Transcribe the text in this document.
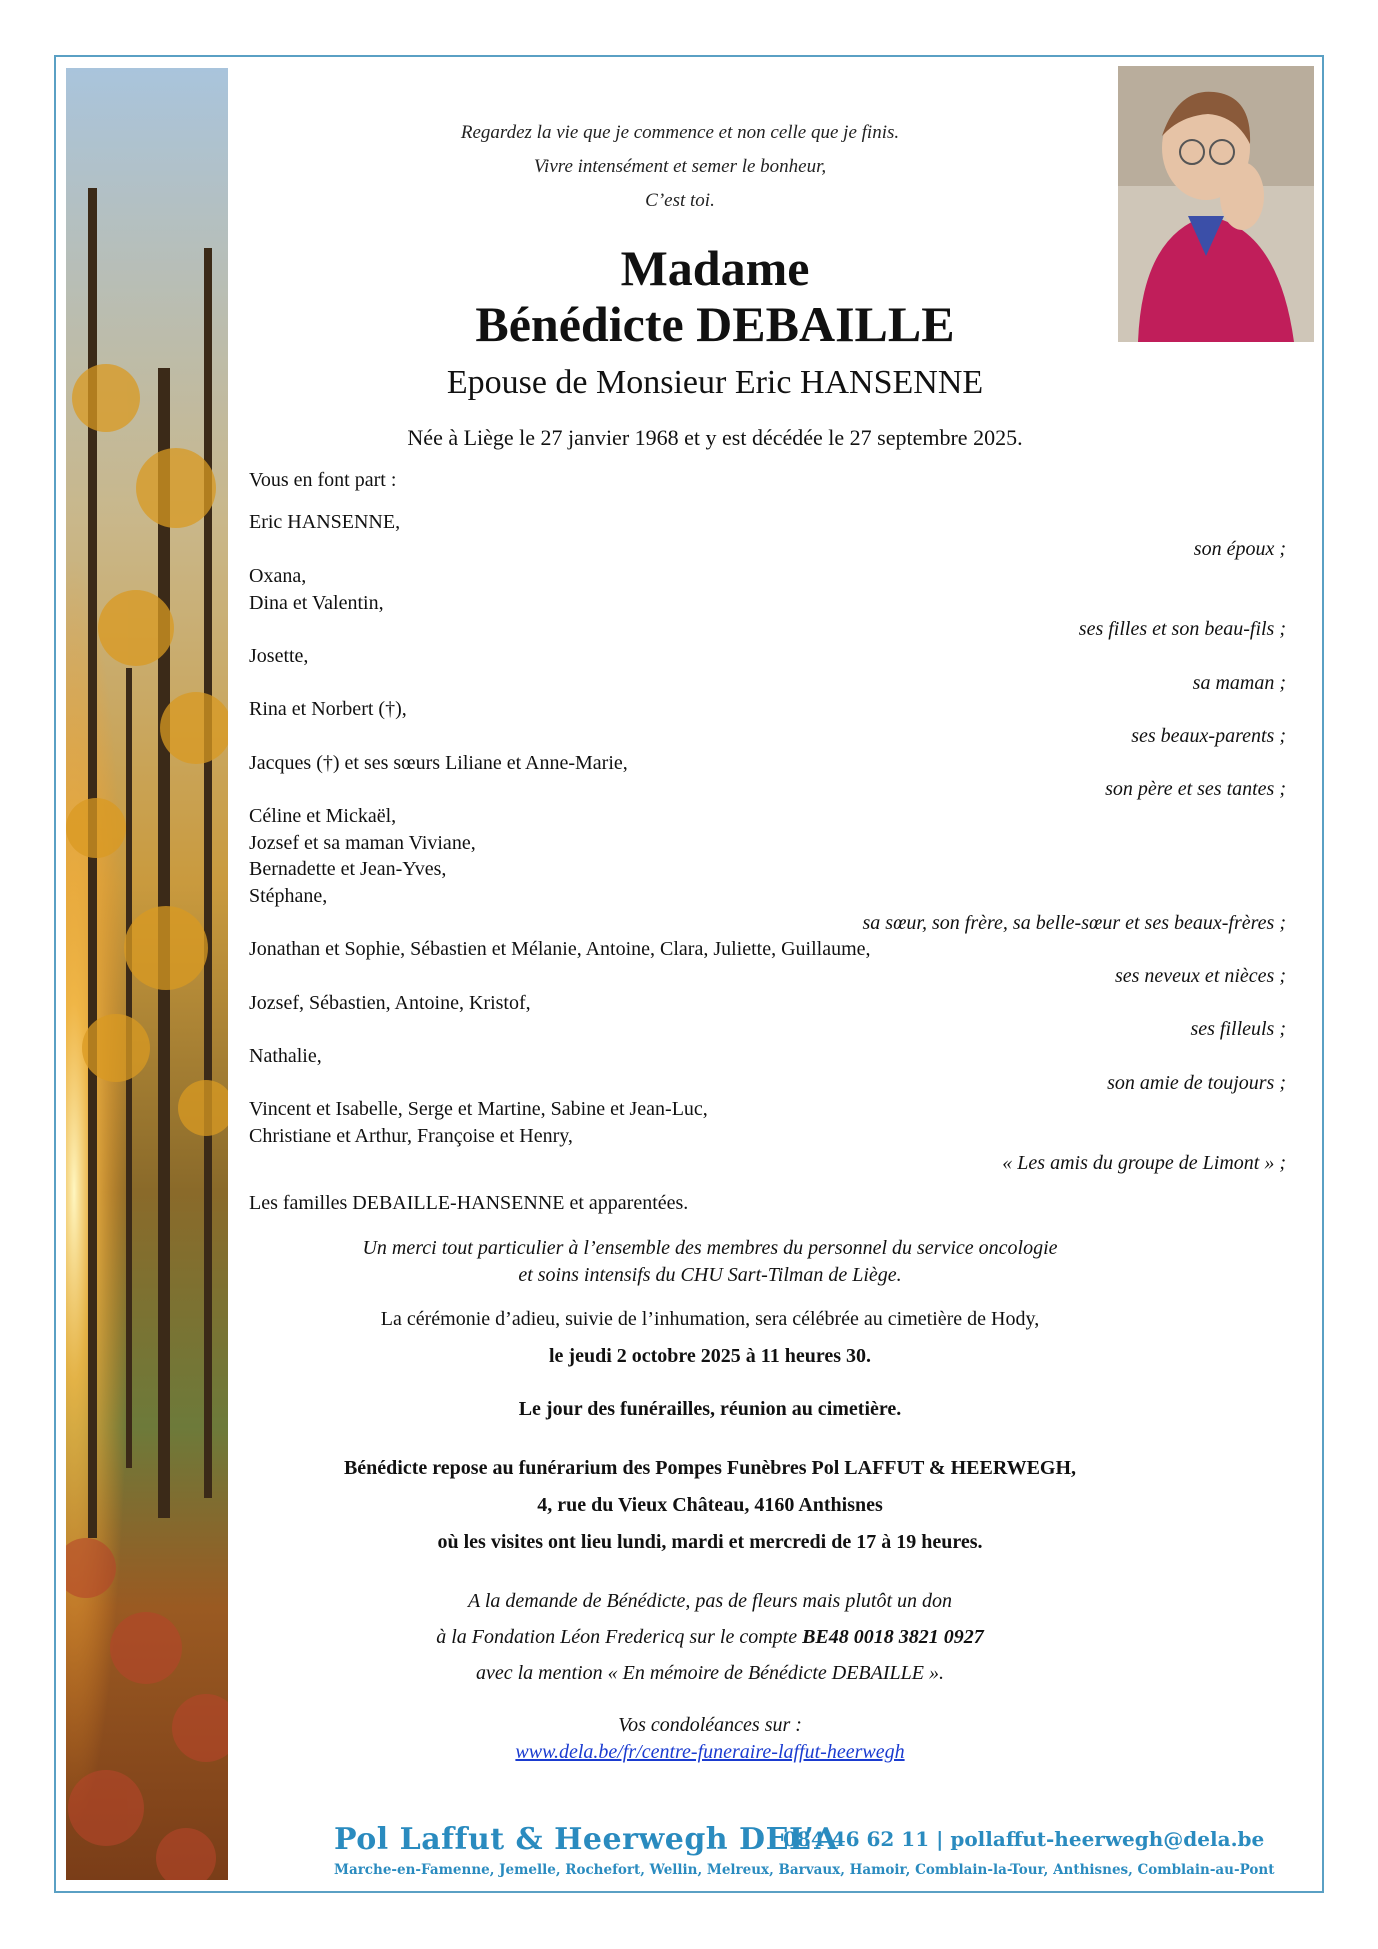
Regardez la vie que je commence et non celle que je finis.
Vivre intensément et semer le bonheur,
C’est toi.
Madame
Bénédicte DEBAILLE
Epouse de Monsieur Eric HANSENNE
Née à Liège le 27 janvier 1968 et y est décédée le 27 septembre 2025.
Vous en font part :
Eric HANSENNE,
son époux ;
Oxana,
Dina et Valentin,
ses filles et son beau-fils ;
Josette,
sa maman ;
Rina et Norbert (†),
ses beaux-parents ;
Jacques (†) et ses sœurs Liliane et Anne-Marie,
son père et ses tantes ;
Céline et Mickaël,
Jozsef et sa maman Viviane,
Bernadette et Jean-Yves,
Stéphane,
sa sœur, son frère, sa belle-sœur et ses beaux-frères ;
Jonathan et Sophie, Sébastien et Mélanie, Antoine, Clara, Juliette, Guillaume,
ses neveux et nièces ;
Jozsef, Sébastien, Antoine, Kristof,
ses filleuls ;
Nathalie,
son amie de toujours ;
Vincent et Isabelle, Serge et Martine, Sabine et Jean-Luc,
Christiane et Arthur, Françoise et Henry,
« Les amis du groupe de Limont » ;
Les familles DEBAILLE-HANSENNE et apparentées.
Un merci tout particulier à l’ensemble des membres du personnel du service oncologie
et soins intensifs du CHU Sart-Tilman de Liège.
La cérémonie d’adieu, suivie de l’inhumation, sera célébrée au cimetière de Hody,
le jeudi 2 octobre 2025 à 11 heures 30.
Le jour des funérailles, réunion au cimetière.
Bénédicte repose au funérarium des Pompes Funèbres Pol LAFFUT & HEERWEGH,
4, rue du Vieux Château, 4160 Anthisnes
où les visites ont lieu lundi, mardi et mercredi de 17 à 19 heures.
A la demande de Bénédicte, pas de fleurs mais plutôt un don
à la Fondation Léon Fredericq sur le compte BE48 0018 3821 0927
avec la mention « En mémoire de Bénédicte DEBAILLE ».
Vos condoléances sur :
www.dela.be/fr/centre-funeraire-laffut-heerwegh
Pol Laffut & Heerwegh DEL’A
084 46 62 11 | pollaffut-heerwegh@dela.be
Marche-en-Famenne, Jemelle, Rochefort, Wellin, Melreux, Barvaux, Hamoir, Comblain-la-Tour, Anthisnes, Comblain-au-Pont
